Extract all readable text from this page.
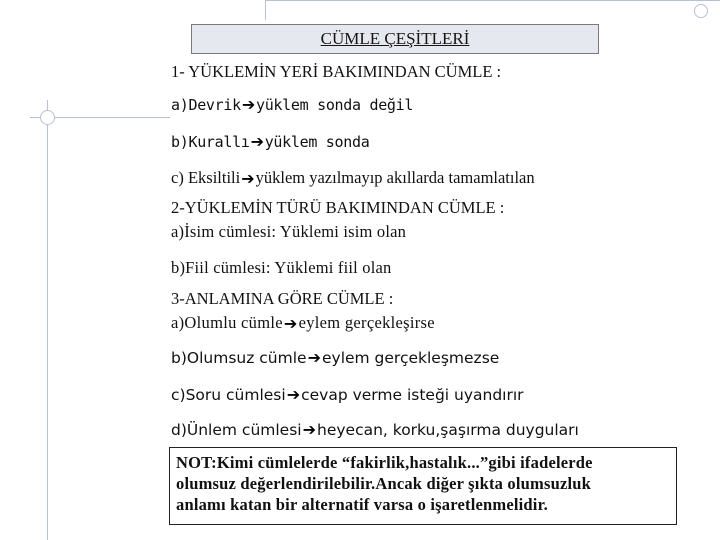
CÜMLE ÇEŞİTLERİ
1- YÜKLEMİN YERİ BAKIMINDAN CÜMLE :
a)Devrik ➔ yüklem sonda değil
b)Kurallı ➔ yüklem sonda
c) Eksiltili ➔ yüklem yazılmayıp akıllarda tamamlatılan
2-YÜKLEMİN TÜRÜ BAKIMINDAN CÜMLE :
a)İsim cümlesi: Yüklemi isim olan
b)Fiil cümlesi: Yüklemi fiil olan
3-ANLAMINA GÖRE CÜMLE :
a)Olumlu cümle ➔ eylem gerçekleşirse
b)Olumsuz cümle ➔ eylem gerçekleşmezse
c)Soru cümlesi ➔ cevap verme isteği uyandırır
d)Ünlem cümlesi ➔ heyecan, korku,şaşırma duyguları
NOT:Kimi cümlelerde “fakirlik,hastalık...”gibi ifadelerde
olumsuz değerlendirilebilir.Ancak diğer şıkta olumsuzluk
anlamı katan bir alternatif varsa o işaretlenmelidir.
